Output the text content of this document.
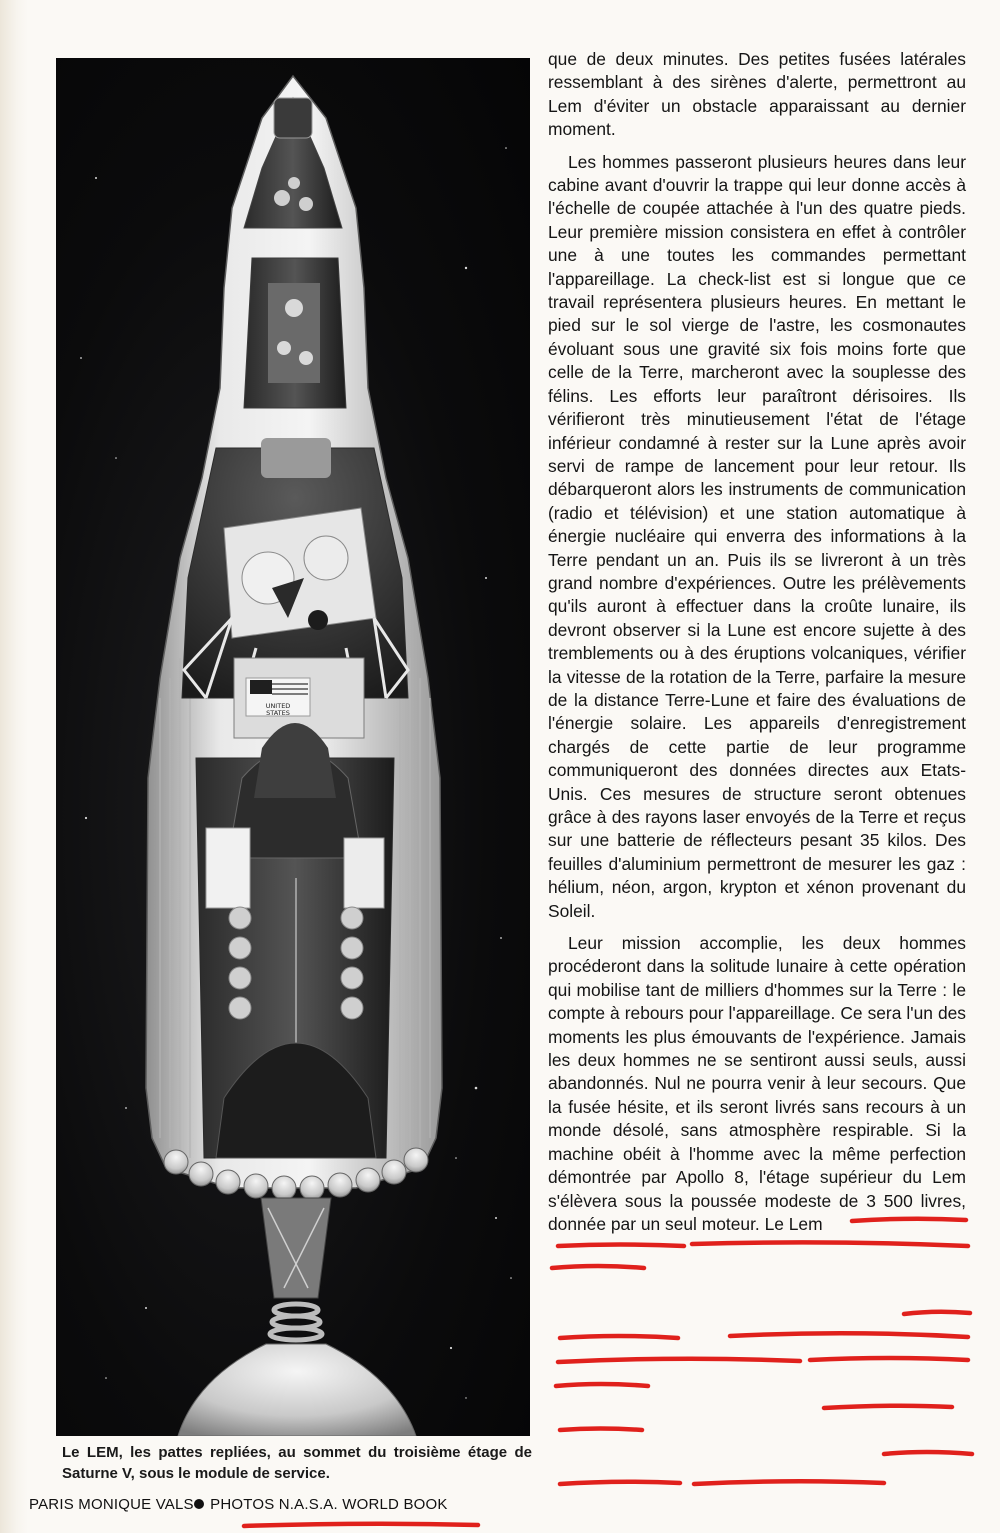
UNITED
STATES
Le LEM, les pattes repliées, au sommet du troisième étage de Saturne V, sous le module de service.
PARIS MONIQUE VALS PHOTOS N.A.S.A. WORLD BOOK

que de deux minutes. Des petites fusées latérales ressemblant à des sirènes d'alerte, permettront au Lem d'éviter un obstacle apparaissant au dernier moment.

Les hommes passeront plusieurs heures dans leur cabine avant d'ouvrir la trappe qui leur donne accès à l'échelle de coupée attachée à l'un des quatre pieds. Leur première mission consistera en effet à contrôler une à une toutes les commandes permettant l'appareillage. La check-list est si longue que ce travail représentera plusieurs heures. En mettant le pied sur le sol vierge de l'astre, les cosmonautes évoluant sous une gravité six fois moins forte que celle de la Terre, marcheront avec la souplesse des félins. Les efforts leur paraîtront dérisoires. Ils vérifieront très minutieusement l'état de l'étage inférieur condamné à rester sur la Lune après avoir servi de rampe de lancement pour leur retour. Ils débarqueront alors les instruments de communication (radio et télévision) et une station automatique à énergie nucléaire qui enverra des informations à la Terre pendant un an. Puis ils se livreront à un très grand nombre d'expériences. Outre les prélèvements qu'ils auront à effectuer dans la croûte lunaire, ils devront observer si la Lune est encore sujette à des tremblements ou à des éruptions volcaniques, vérifier la vitesse de la rotation de la Terre, parfaire la mesure de la distance Terre-Lune et faire des évaluations de l'énergie solaire. Les appareils d'enregistrement chargés de cette partie de leur programme communiqueront des données directes aux Etats-Unis. Ces mesures de structure seront obtenues grâce à des rayons laser envoyés de la Terre et reçus sur une batterie de réflecteurs pesant 35 kilos. Des feuilles d'aluminium permettront de mesurer les gaz : hélium, néon, argon, krypton et xénon provenant du Soleil.

Leur mission accomplie, les deux hommes procéderont dans la solitude lunaire à cette opération qui mobilise tant de milliers d'hommes sur la Terre : le compte à rebours pour l'appareillage. Ce sera l'un des moments les plus émouvants de l'expérience. Jamais les deux hommes ne se sentiront aussi seuls, aussi abandonnés. Nul ne pourra venir à leur secours. Que la fusée hésite, et ils seront livrés sans recours à un monde désolé, sans atmosphère respirable. Si la machine obéit à l'homme avec la même perfection démontrée par Apollo 8, l'étage supérieur du Lem s'élèvera sous la poussée modeste de 3 500 livres, donnée par un seul moteur. Le Lem
